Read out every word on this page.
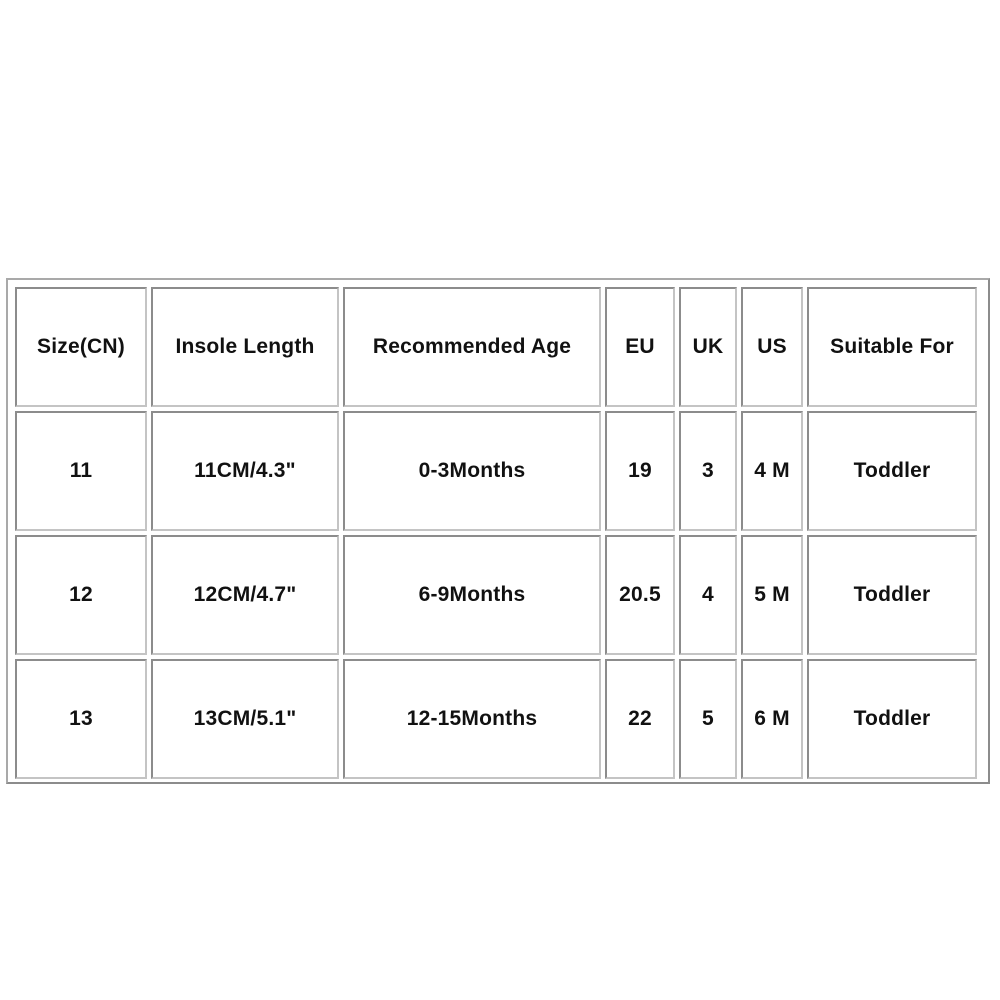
Size(CN)	Insole Length	Recommended Age	EU	UK	US	Suitable For
11	11CM/4.3"	0-3Months	19	3	4 M	Toddler
12	12CM/4.7"	6-9Months	20.5	4	5 M	Toddler
13	13CM/5.1"	12-15Months	22	5	6 M	Toddler
